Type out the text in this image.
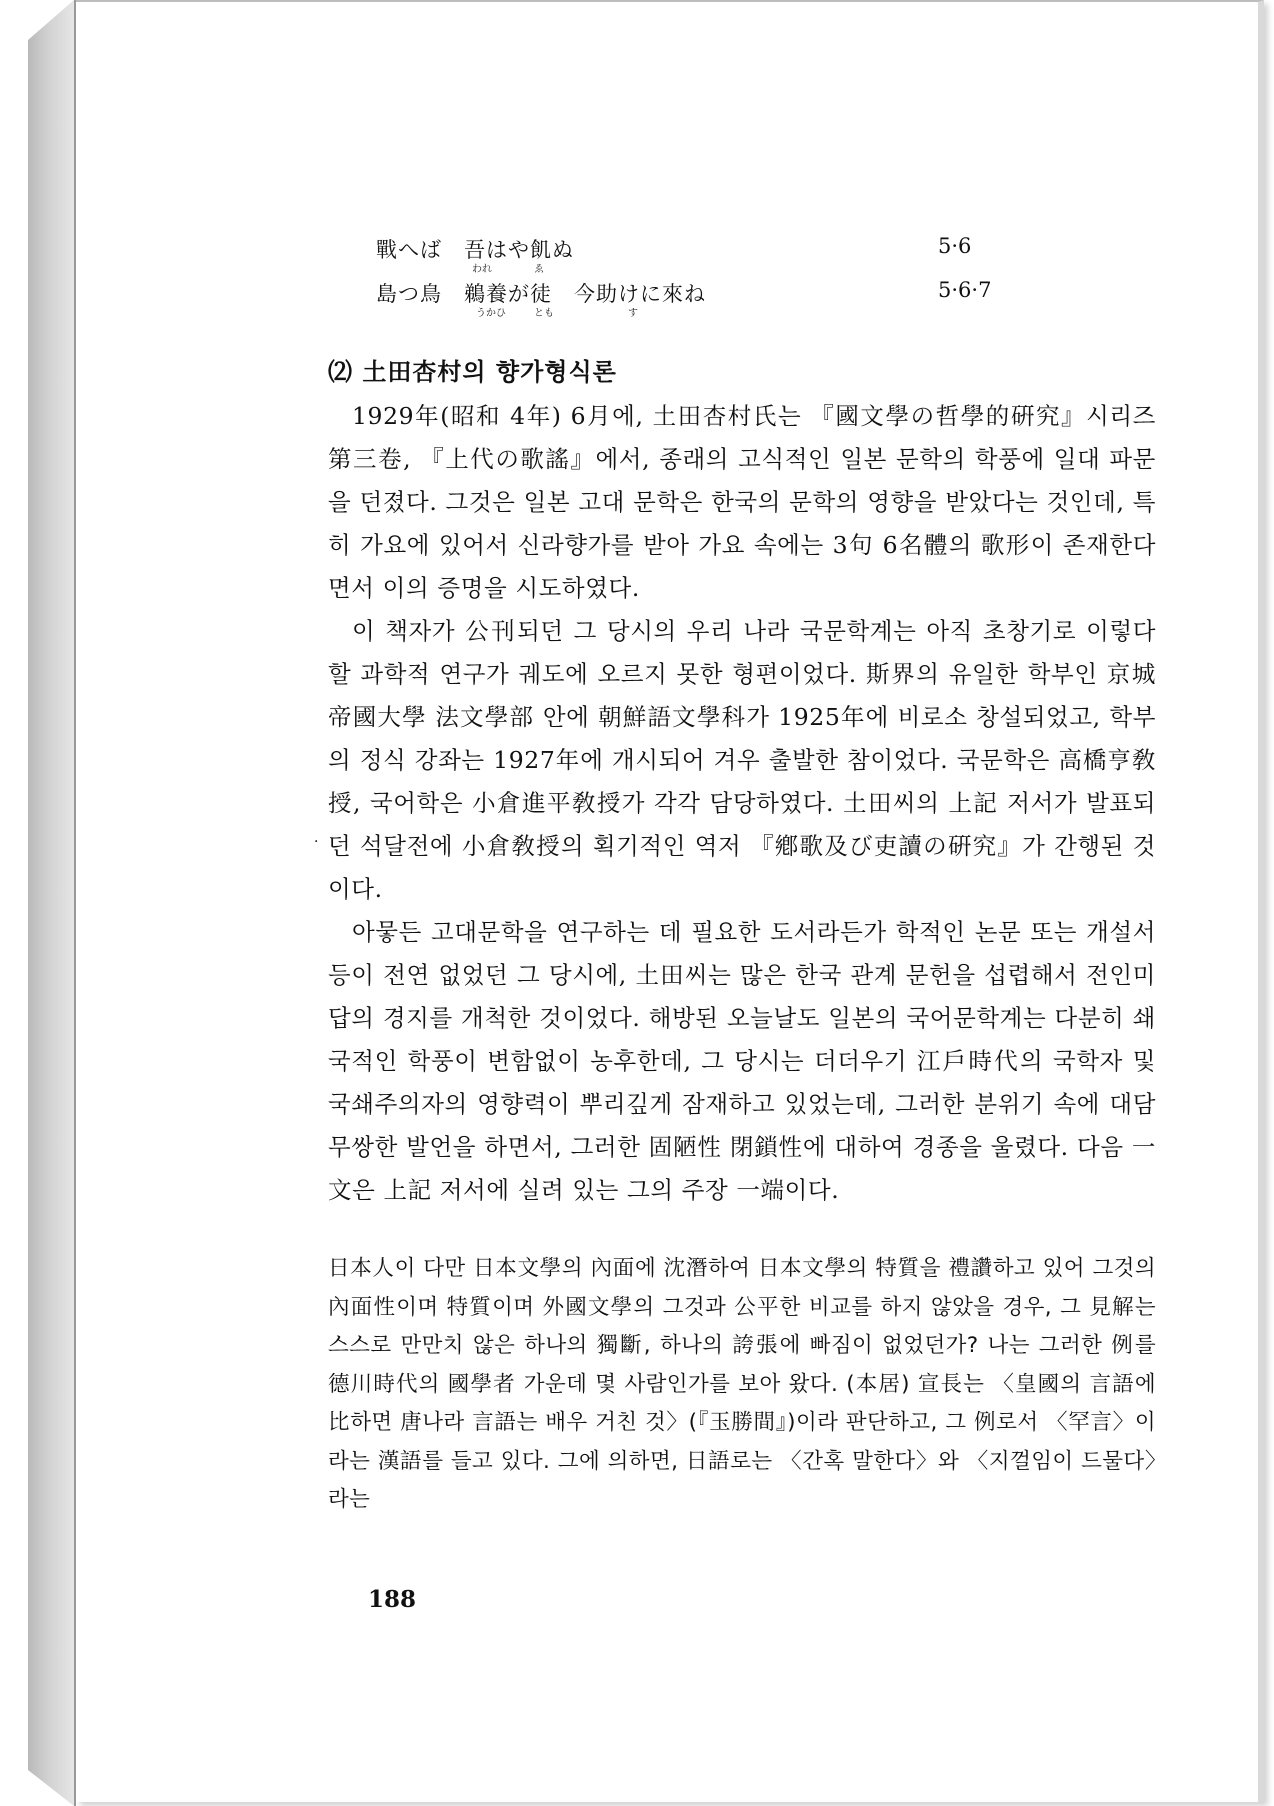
·
戰へば　吾はや飢ぬ
われ	ゑ
5·6
島つ鳥　鵜養が徒　今助けに來ね
うかひ	とも	す
5·6·7
⑵ 土田杏村의 향가형식론

1929年(昭和 4年) 6月에, 土田杏村氏는 『國文學の哲學的硏究』시리즈 第三卷, 『上代の歌謠』에서, 종래의 고식적인 일본 문학의 학풍에 일대 파문을 던졌다. 그것은 일본 고대 문학은 한국의 문학의 영향을 받았다는 것인데, 특히 가요에 있어서 신라향가를 받아 가요 속에는 3句 6名體의 歌形이 존재한다면서 이의 증명을 시도하였다.

이 책자가 公刊되던 그 당시의 우리 나라 국문학계는 아직 초창기로 이렇다 할 과학적 연구가 궤도에 오르지 못한 형편이었다. 斯界의 유일한 학부인 京城帝國大學 法文學部 안에 朝鮮語文學科가 1925年에 비로소 창설되었고, 학부의 정식 강좌는 1927年에 개시되어 겨우 출발한 참이었다. 국문학은 高橋亨敎授, 국어학은 小倉進平敎授가 각각 담당하였다. 土田씨의 上記 저서가 발표되던 석달전에 小倉敎授의 획기적인 역저 『鄕歌及び吏讀の硏究』가 간행된 것이다.

아뭏든 고대문학을 연구하는 데 필요한 도서라든가 학적인 논문 또는 개설서 등이 전연 없었던 그 당시에, 土田씨는 많은 한국 관계 문헌을 섭렵해서 전인미답의 경지를 개척한 것이었다. 해방된 오늘날도 일본의 국어문학계는 다분히 쇄국적인 학풍이 변함없이 농후한데, 그 당시는 더더우기 江戶時代의 국학자 및 국쇄주의자의 영향력이 뿌리깊게 잠재하고 있었는데, 그러한 분위기 속에 대담무쌍한 발언을 하면서, 그러한 固陋性 閉鎖性에 대하여 경종을 울렸다. 다음 一文은 上記 저서에 실려 있는 그의 주장 一端이다.

日本人이 다만 日本文學의 內面에 沈潛하여 日本文學의 特質을 禮讚하고 있어 그것의 內面性이며 特質이며 外國文學의 그것과 公平한 비교를 하지 않았을 경우, 그 見解는 스스로 만만치 않은 하나의 獨斷, 하나의 誇張에 빠짐이 없었던가? 나는 그러한 例를 德川時代의 國學者 가운데 몇 사람인가를 보아 왔다. (本居) 宣長는 〈皇國의 言語에 比하면 唐나라 言語는 배우 거친 것〉(『玉勝間』)이라 판단하고, 그 例로서 〈罕言〉이라는 漢語를 들고 있다. 그에 의하면, 日語로는 〈간혹 말한다〉와 〈지껄임이 드물다〉라는
188
